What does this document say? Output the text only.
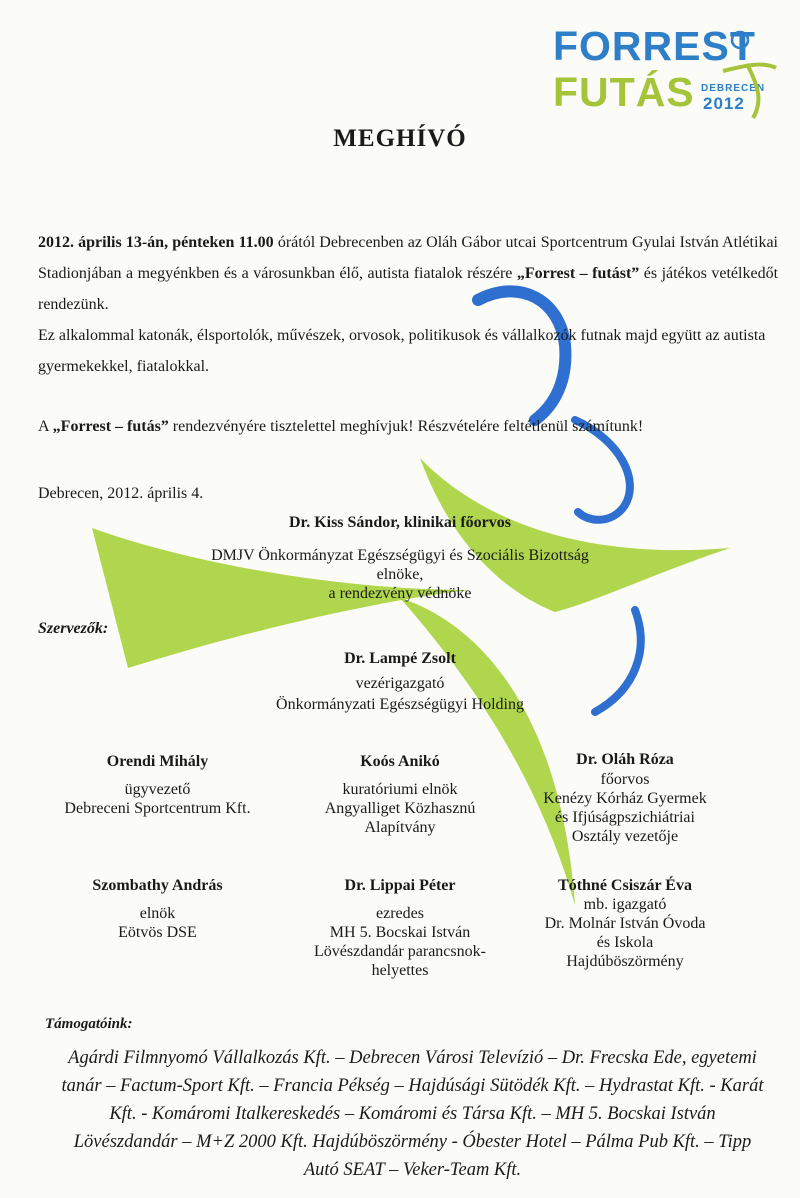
FORREST
FUTÁS DEBRECEN
2012
MEGHÍVÓ

2012. április 13-án, pénteken 11.00 órától Debrecenben az Oláh Gábor utcai Sportcentrum Gyulai István Atlétikai Stadionjában a megyénkben és a városunkban élő, autista fiatalok részére „Forrest – futást” és játékos vetélkedőt rendezünk.

Ez alkalommal katonák, élsportolók, művészek, orvosok, politikusok és vállalkozók futnak majd együtt az autista gyermekekkel, fiatalokkal.

A „Forrest – futás” rendezvényére tisztelettel meghívjuk! Részvételére feltétlenül számítunk!

Debrecen, 2012. április 4.

Dr. Kiss Sándor, klinikai főorvos
DMJV Önkormányzat Egészségügyi és Szociális Bizottság elnöke,
a rendezvény védnöke
Szervezők:
Dr. Lampé Zsolt
vezérigazgató
Önkormányzati Egészségügyi Holding
Orendi Mihály
ügyvezető
Debreceni Sportcentrum Kft.
Koós Anikó
kuratóriumi elnök
Angyalliget Közhasznú
Alapítvány
Dr. Oláh Róza
főorvos
Kenézy Kórház Gyermek
és Ifjúságpszichiátriai
Osztály vezetője
Szombathy András
elnök
Eötvös DSE
Dr. Lippai Péter
ezredes
MH 5. Bocskai István
Lövészdandár parancsnok-
helyettes
Tóthné Csiszár Éva
mb. igazgató
Dr. Molnár István Óvoda
és Iskola
Hajdúböszörmény
Támogatóink:
Agárdi Filmnyomó Vállalkozás Kft. – Debrecen Városi Televízió – Dr. Frecska Ede, egyetemi
tanár – Factum-Sport Kft. – Francia Pékség – Hajdúsági Sütödék Kft. – Hydrastat Kft. - Karát
Kft. - Komáromi Italkereskedés – Komáromi és Társa Kft. – MH 5. Bocskai István
Lövészdandár – M+Z 2000 Kft. Hajdúböszörmény - Óbester Hotel – Pálma Pub Kft. – Tipp
Autó SEAT – Veker-Team Kft.
